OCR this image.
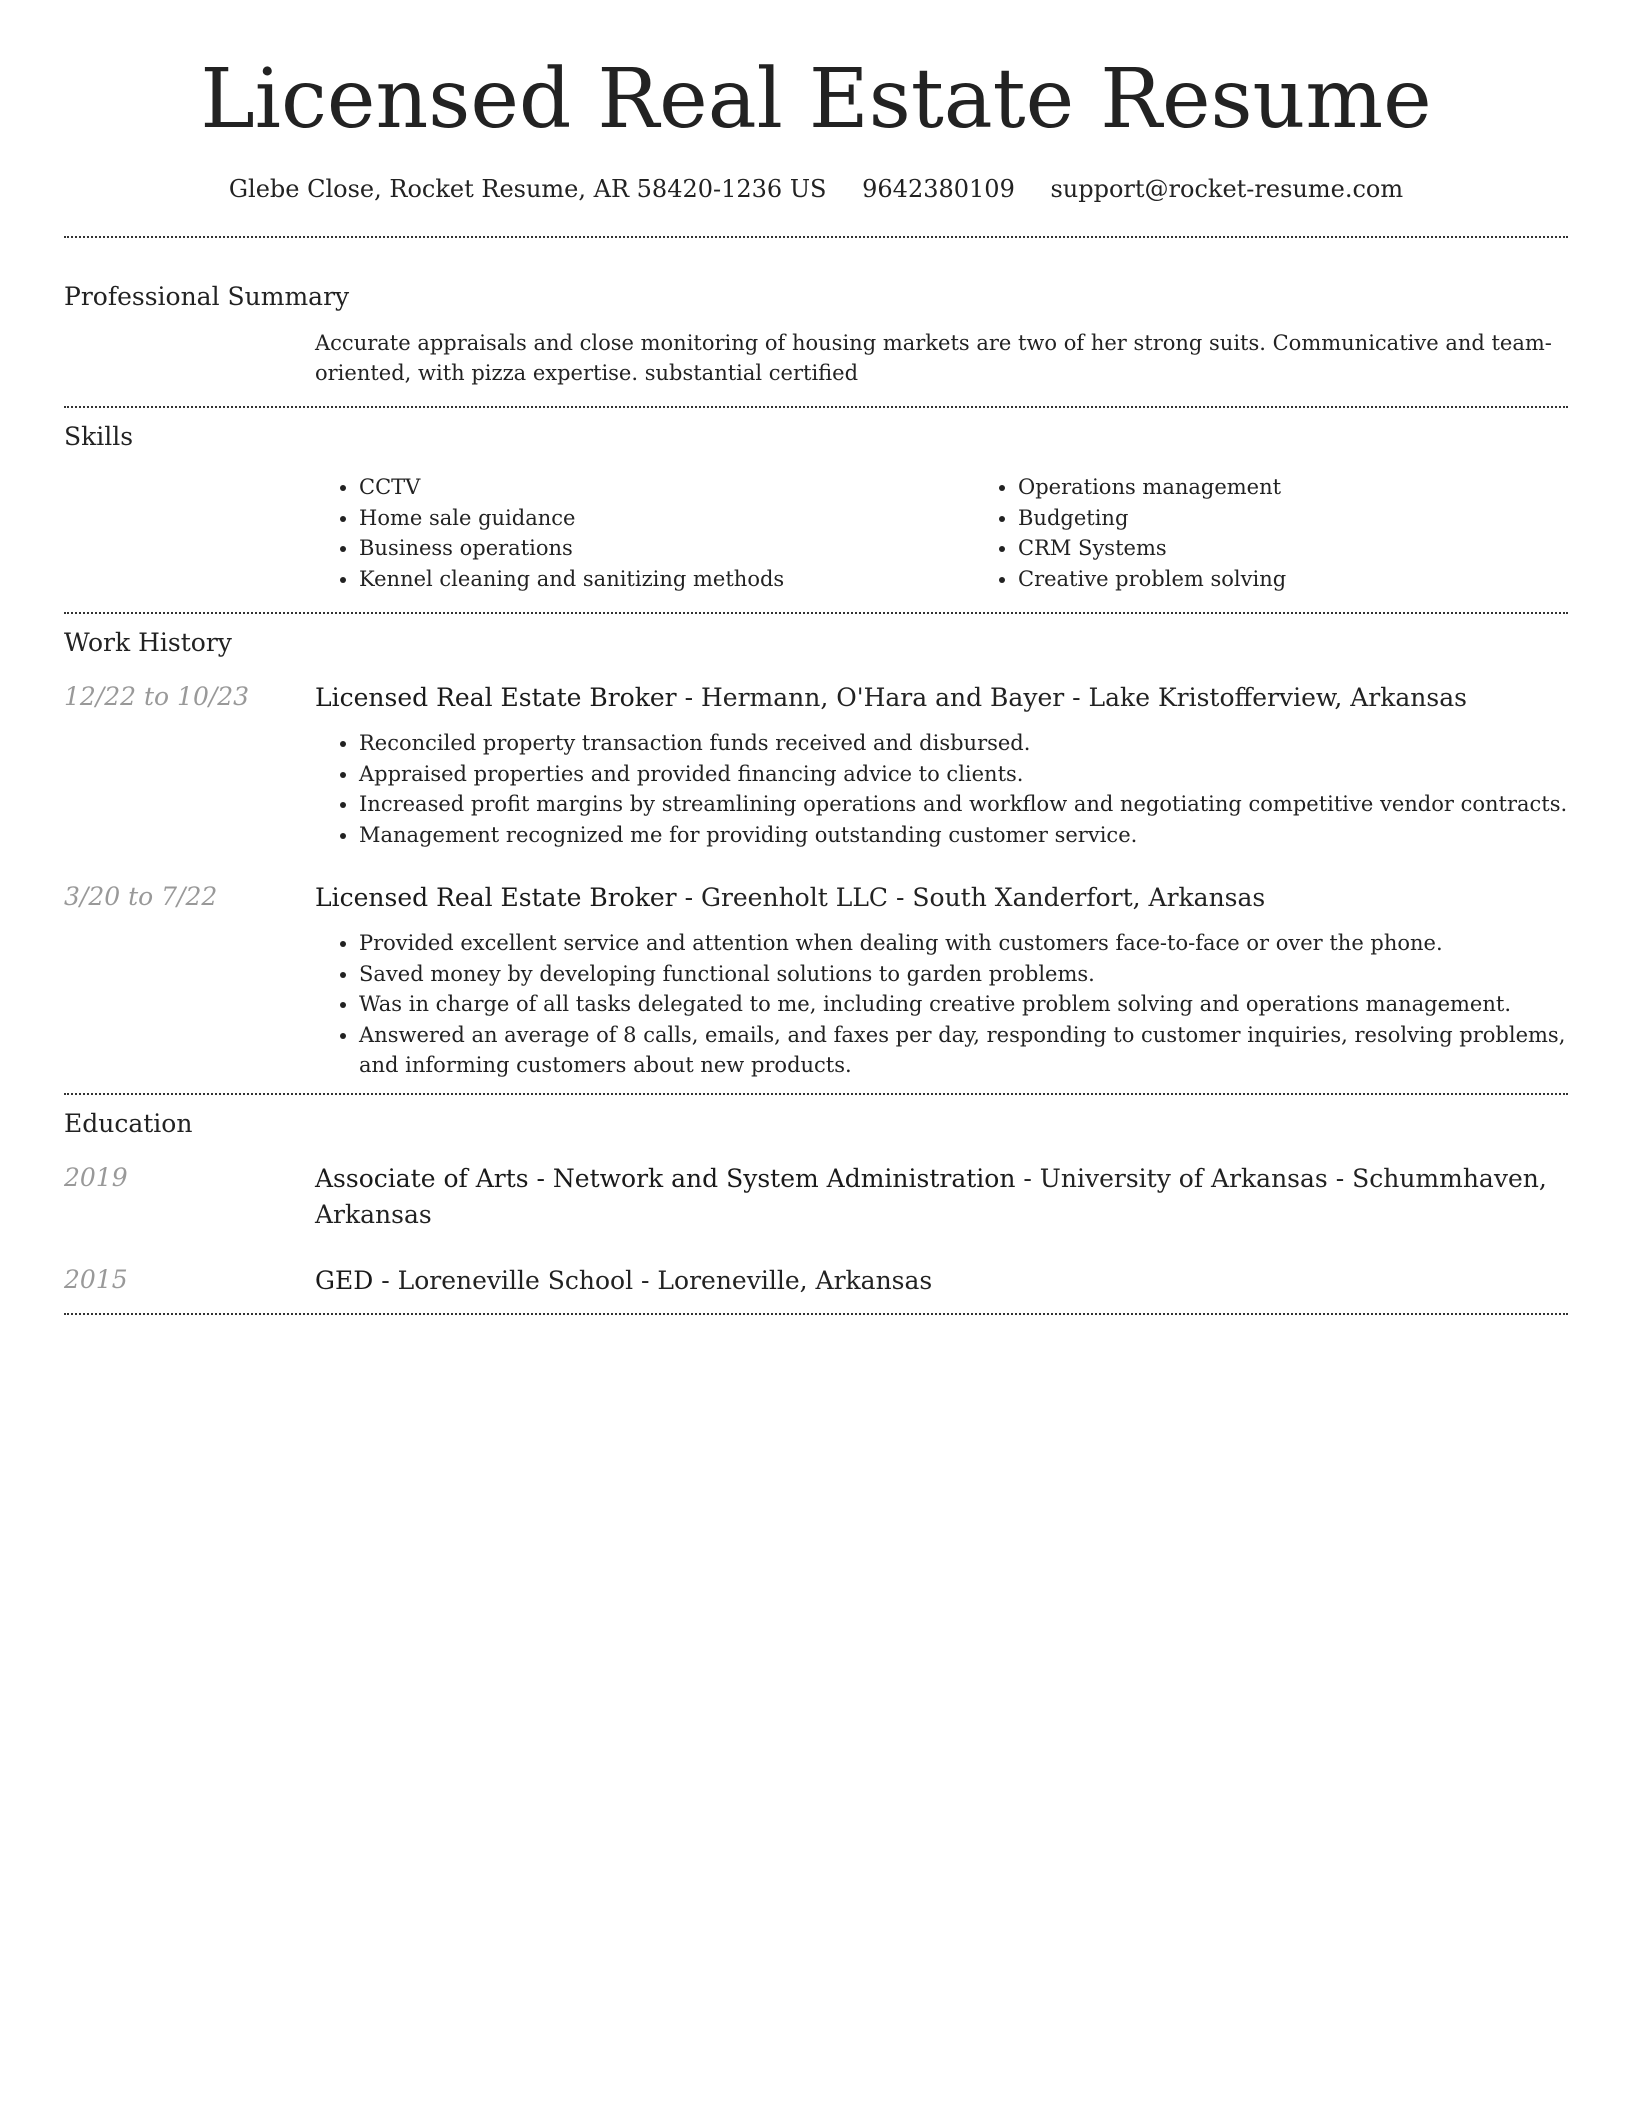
Licensed Real Estate Resume
Glebe Close, Rocket Resume, AR 58420-1236 US 9642380109 support@rocket-resume.com
Professional Summary

Accurate appraisals and close monitoring of housing markets are two of her strong suits. Communicative and team-oriented, with pizza expertise. substantial certified

Skills
• CCTV
• Home sale guidance
• Business operations
• Kennel cleaning and sanitizing methods
• Operations management
• Budgeting
• CRM Systems
• Creative problem solving
Work History
12/22 to 10/23	Licensed Real Estate Broker - Hermann, O'Hara and Bayer - Lake Kristofferview, Arkansas
• Reconciled property transaction funds received and disbursed.
• Appraised properties and provided financing advice to clients.
• Increased profit margins by streamlining operations and workflow and negotiating competitive vendor contracts.
• Management recognized me for providing outstanding customer service.
3/20 to 7/22	Licensed Real Estate Broker - Greenholt LLC - South Xanderfort, Arkansas
• Provided excellent service and attention when dealing with customers face-to-face or over the phone.
• Saved money by developing functional solutions to garden problems.
• Was in charge of all tasks delegated to me, including creative problem solving and operations management.
• Answered an average of 8 calls, emails, and faxes per day, responding to customer inquiries, resolving problems, and informing customers about new products.
Education
2019	Associate of Arts - Network and System Administration - University of Arkansas - Schummhaven, Arkansas
2015	GED - Loreneville School - Loreneville, Arkansas
